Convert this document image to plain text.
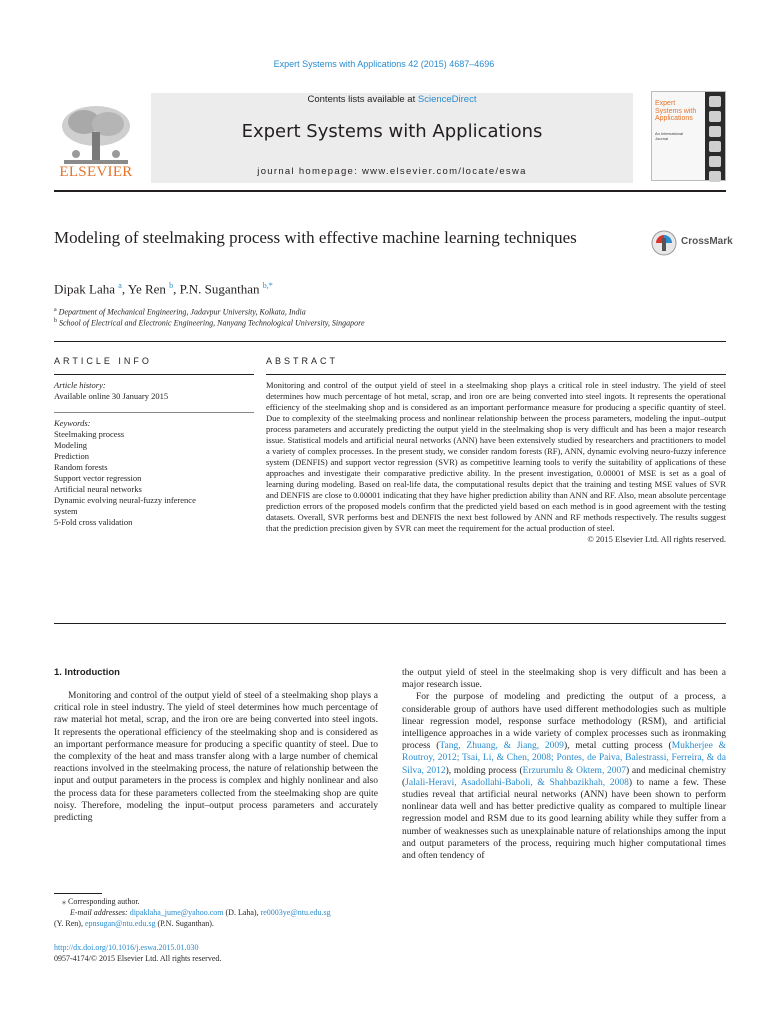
Expert Systems with Applications 42 (2015) 4687–4696
ELSEVIER
Contents lists available at ScienceDirect
Expert Systems with Applications
journal homepage: www.elsevier.com/locate/eswa
Expert Systems with Applications
An International Journal
Modeling of steelmaking process with effective machine learning techniques	CrossMark
Dipak Laha $^a$, Ye Ren $^b$, P.N. Suganthan $^{b,*}$
$^a$ Department of Mechanical Engineering, Jadavpur University, Kolkata, India
$^b$ School of Electrical and Electronic Engineering, Nanyang Technological University, Singapore
ARTICLE INFO
Article history:
Available online 30 January 2015
Keywords:
Steelmaking process
Modeling
Prediction
Random forests
Support vector regression
Artificial neural networks
Dynamic evolving neural-fuzzy inference
system
5-Fold cross validation
ABSTRACT
Monitoring and control of the output yield of steel in a steelmaking shop plays a critical role in steel industry. The yield of steel determines how much percentage of hot metal, scrap, and iron ore are being converted into steel ingots. It represents the operational efficiency of the steelmaking shop and is considered as an important performance measure for producing a specific quantity of steel. Due to complexity of the steelmaking process and nonlinear relationship between the process parameters, modeling the input–output process parameters and accurately predicting the output yield in the steelmaking shop is very difficult and has been a major research issue. Statistical models and artificial neural networks (ANN) have been extensively studied by researchers and practitioners to model a variety of complex processes. In the present study, we consider random forests (RF), ANN, dynamic evolving neuro-fuzzy inference system (DENFIS) and support vector regression (SVR) as competitive learning tools to verify the suitability of applications of these approaches and investigate their comparative predictive ability. In the present investigation, 0.00001 of MSE is set as a goal of learning during modeling. Based on real-life data, the computational results depict that the training and testing MSE values of SVR and DENFIS are close to 0.00001 indicating that they have higher prediction ability than ANN and RF. Also, mean absolute percentage prediction errors of the proposed models confirm that the predicted yield based on each method is in good agreement with the testing datasets. Overall, SVR performs best and DENFIS the next best followed by ANN and RF methods respectively. The results suggest that the prediction precision given by SVR can meet the requirement for the actual production of steel.
© 2015 Elsevier Ltd. All rights reserved.
1. Introduction

Monitoring and control of the output yield of steel of a steelmaking shop plays a critical role in steel industry. The yield of steel determines how much percentage of raw material hot metal, scrap, and the iron ore are being converted into steel ingots. It represents the operational efficiency of the steelmaking shop and is considered as an important performance measure for producing a specific quantity of steel. Due to the complexity of the heat and mass transfer along with a large number of chemical reactions involved in the steelmaking process, the nature of relationship between the input and output parameters in the process is complex and highly nonlinear and also the process data for these parameters collected from the steelmaking shop are quite noisy. Therefore, modeling the input–output process parameters and accurately predicting

⁎ Corresponding author.
E-mail addresses: dipaklaha_jume@yahoo.com (D. Laha), re0003ye@ntu.edu.sg
(Y. Ren), epnsugan@ntu.edu.sg (P.N. Suganthan).
http://dx.doi.org/10.1016/j.eswa.2015.01.030
0957-4174/© 2015 Elsevier Ltd. All rights reserved.

the output yield of steel in the steelmaking shop is very difficult and has been a major research issue.

For the purpose of modeling and predicting the output of a process, a considerable group of authors have used different methodologies such as multiple linear regression model, response surface methodology (RSM), and artificial intelligence approaches in a wide variety of complex processes such as ironmaking process (Tang, Zhuang, & Jiang, 2009), metal cutting process (Mukherjee & Routroy, 2012; Tsai, Li, & Chen, 2008; Pontes, de Paiva, Balestrassi, Ferreira, & da Silva, 2012), molding process (Erzurumlu & Oktem, 2007) and medicinal chemistry (Jalali-Heravi, Asadollahi-Baboli, & Shahbazikhah, 2008) to name a few. These studies reveal that artificial neural networks (ANN) have been shown to perform nonlinear data well and has better predictive quality as compared to multiple linear regression model and RSM due to its good learning ability while they suffer from a number of weaknesses such as unexplainable nature of relationships among the input and output parameters of the process, requiring much higher computational times and often tendency of
